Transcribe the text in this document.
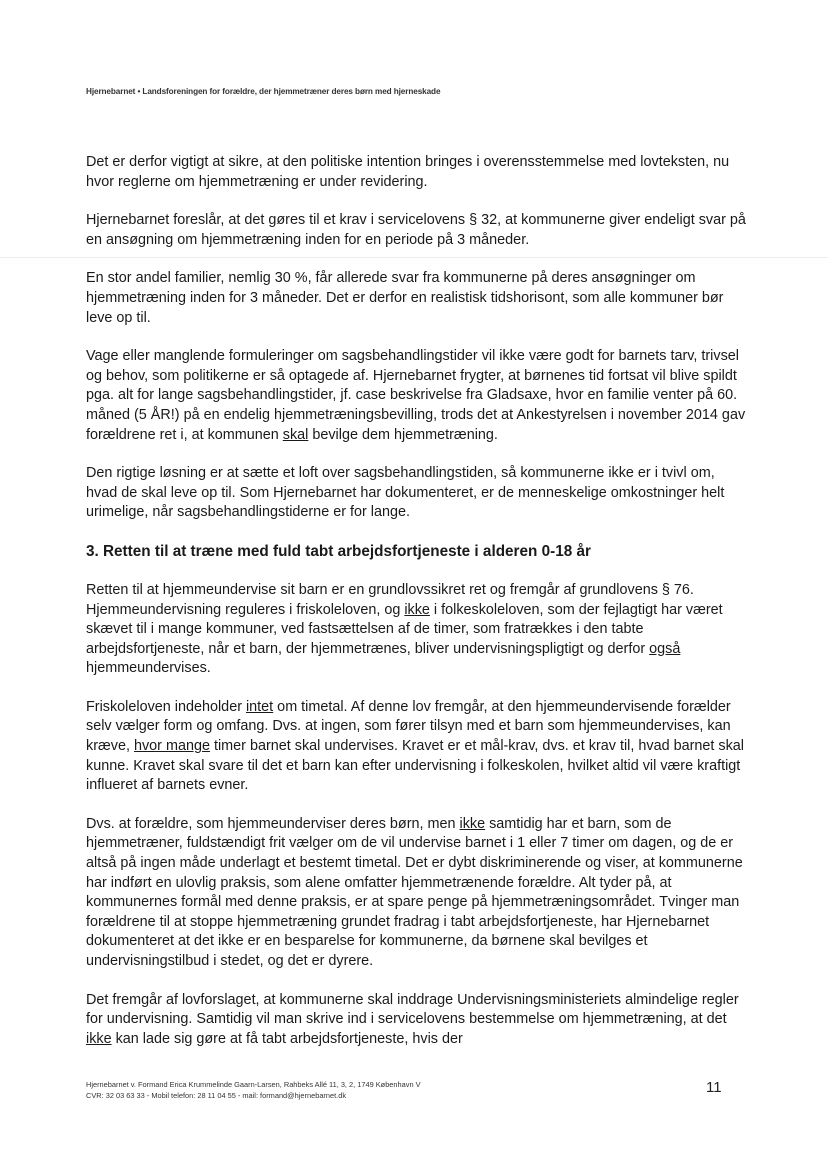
Hjernebarnet • Landsforeningen for forældre, der hjemmetræner deres børn med hjerneskade

Det er derfor vigtigt at sikre, at den politiske intention bringes i overensstemmelse med lovteksten, nu hvor reglerne om hjemmetræning er under revidering.

Hjernebarnet foreslår, at det gøres til et krav i servicelovens § 32, at kommunerne giver endeligt svar på en ansøgning om hjemmetræning inden for en periode på 3 måneder.

En stor andel familier, nemlig 30 %, får allerede svar fra kommunerne på deres ansøgninger om hjemmetræning inden for 3 måneder. Det er derfor en realistisk tidshorisont, som alle kommuner bør leve op til.

Vage eller manglende formuleringer om sagsbehandlingstider vil ikke være godt for barnets tarv, trivsel og behov, som politikerne er så optagede af. Hjernebarnet frygter, at børnenes tid fortsat vil blive spildt pga. alt for lange sagsbehandlingstider, jf. case beskrivelse fra Gladsaxe, hvor en familie venter på 60. måned (5 ÅR!) på en endelig hjemmetræningsbevilling, trods det at Ankestyrelsen i november 2014 gav forældrene ret i, at kommunen skal bevilge dem hjemmetræning.

Den rigtige løsning er at sætte et loft over sagsbehandlingstiden, så kommunerne ikke er i tvivl om, hvad de skal leve op til. Som Hjernebarnet har dokumenteret, er de menneskelige omkostninger helt urimelige, når sagsbehandlingstiderne er for lange.

3. Retten til at træne med fuld tabt arbejdsfortjeneste i alderen 0-18 år

Retten til at hjemmeundervise sit barn er en grundlovssikret ret og fremgår af grundlovens § 76. Hjemmeundervisning reguleres i friskoleloven, og ikke i folkeskoleloven, som der fejlagtigt har været skævet til i mange kommuner, ved fastsættelsen af de timer, som fratrækkes i den tabte arbejdsfortjeneste, når et barn, der hjemmetrænes, bliver undervisningspligtigt og derfor også hjemmeundervises.

Friskoleloven indeholder intet om timetal. Af denne lov fremgår, at den hjemmeundervisende forælder selv vælger form og omfang. Dvs. at ingen, som fører tilsyn med et barn som hjemmeundervises, kan kræve, hvor mange timer barnet skal undervises. Kravet er et mål-krav, dvs. et krav til, hvad barnet skal kunne. Kravet skal svare til det et barn kan efter undervisning i folkeskolen, hvilket altid vil være kraftigt influeret af barnets evner.

Dvs. at forældre, som hjemmeunderviser deres børn, men ikke samtidig har et barn, som de hjemmetræner, fuldstændigt frit vælger om de vil undervise barnet i 1 eller 7 timer om dagen, og de er altså på ingen måde underlagt et bestemt timetal. Det er dybt diskriminerende og viser, at kommunerne har indført en ulovlig praksis, som alene omfatter hjemmetrænende forældre. Alt tyder på, at kommunernes formål med denne praksis, er at spare penge på hjemmetræningsområdet. Tvinger man forældrene til at stoppe hjemmetræning grundet fradrag i tabt arbejdsfortjeneste, har Hjernebarnet dokumenteret at det ikke er en besparelse for kommunerne, da børnene skal bevilges et undervisningstilbud i stedet, og det er dyrere.

Det fremgår af lovforslaget, at kommunerne skal inddrage Undervisningsministeriets almindelige regler for undervisning. Samtidig vil man skrive ind i servicelovens bestemmelse om hjemmetræning, at det ikke kan lade sig gøre at få tabt arbejdsfortjeneste, hvis der

Hjernebarnet v. Formand Erica Krummelinde Gaarn-Larsen, Rahbeks Allé 11, 3, 2, 1749 København V
CVR: 32 03 63 33 - Mobil telefon: 28 11 04 55 - mail: formand@hjernebarnet.dk	11
